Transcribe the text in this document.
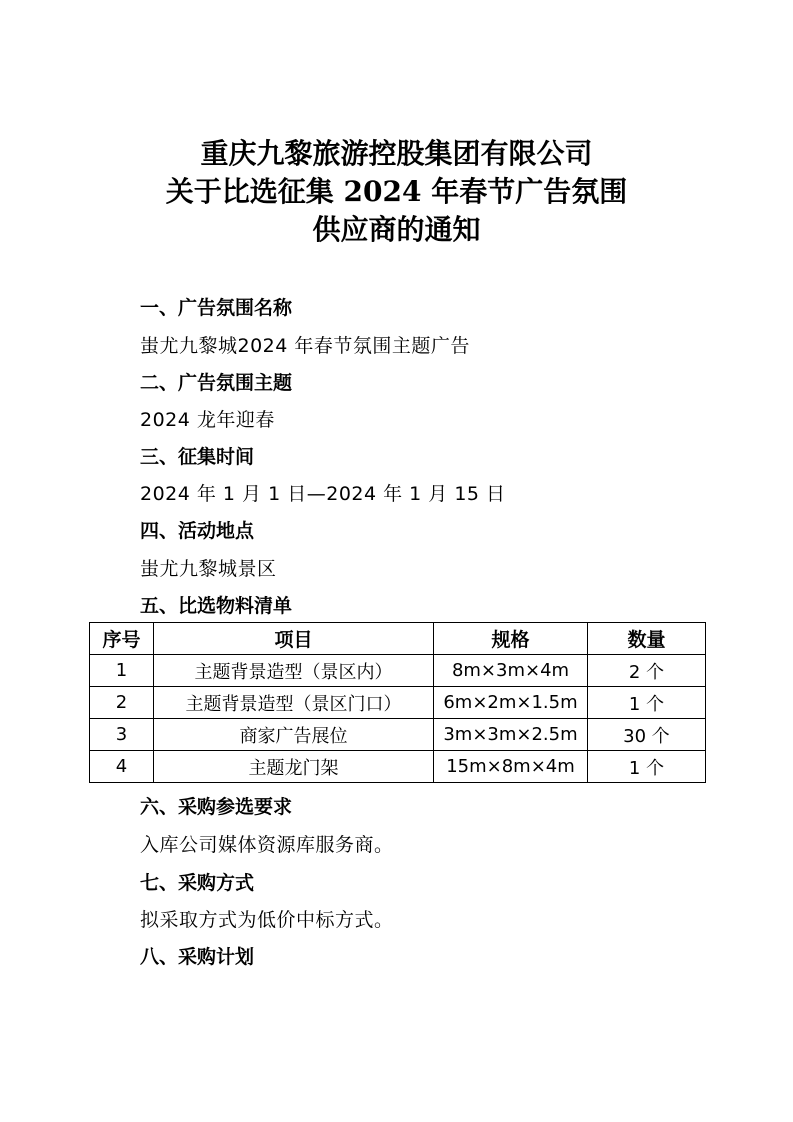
重庆九黎旅游控股集团有限公司
关于比选征集 2024 年春节广告氛围
供应商的通知
一、广告氛围名称
蚩尤九黎城2024 年春节氛围主题广告
二、广告氛围主题
2024 龙年迎春
三、征集时间
2024 年 1 月 1 日—2024 年 1 月 15 日
四、活动地点
蚩尤九黎城景区
五、比选物料清单
序号	项目	规格	数量
1	主题背景造型（景区内）	8m×3m×4m	2 个
2	主题背景造型（景区门口）	6m×2m×1.5m	1 个
3	商家广告展位	3m×3m×2.5m	30 个
4	主题龙门架	15m×8m×4m	1 个
六、采购参选要求
入库公司媒体资源库服务商。
七、采购方式
拟采取方式为低价中标方式。
八、采购计划
